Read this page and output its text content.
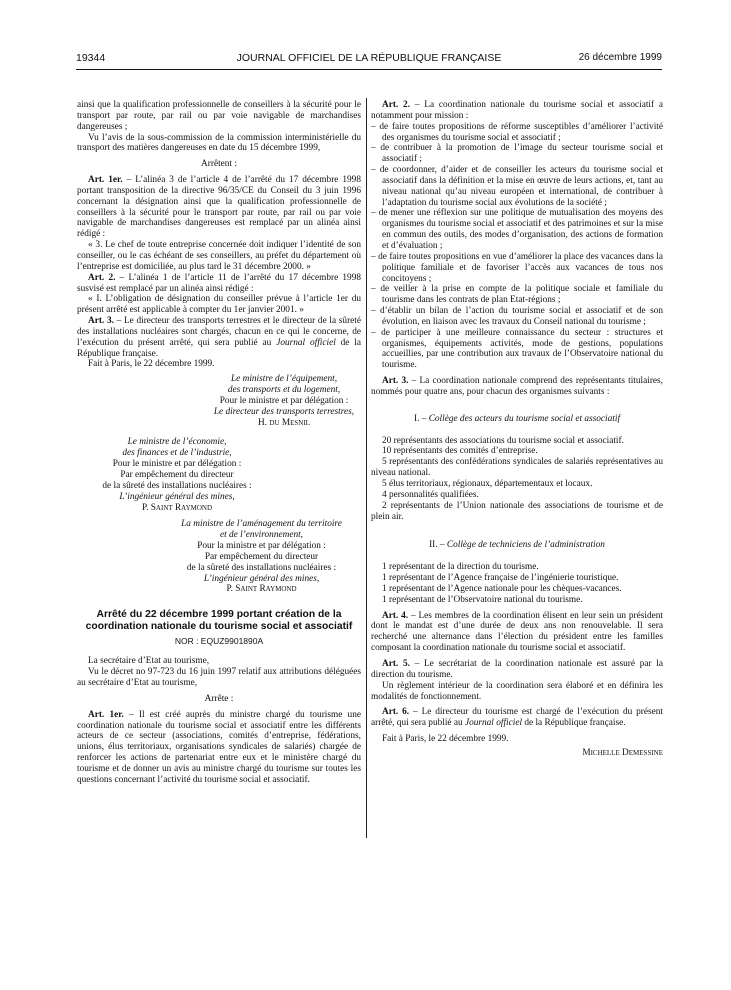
19344	JOURNAL OFFICIEL DE LA RÉPUBLIQUE FRANÇAISE	26 décembre 1999

ainsi que la qualification professionnelle de conseillers à la sécurité pour le transport par route, par rail ou par voie navigable de marchandises dangereuses ;

Vu l’avis de la sous-commission de la commission interministérielle du transport des matières dangereuses en date du 15 décembre 1999,

Arrêtent :

Art. 1er. – L’alinéa 3 de l’article 4 de l’arrêté du 17 décembre 1998 portant transposition de la directive 96/35/CE du Conseil du 3 juin 1996 concernant la désignation ainsi que la qualification professionnelle de conseillers à la sécurité pour le transport par route, par rail ou par voie navigable de marchandises dangereuses est remplacé par un alinéa ainsi rédigé :

« 3. Le chef de toute entreprise concernée doit indiquer l’identité de son conseiller, ou le cas échéant de ses conseillers, au préfet du département où l’entreprise est domiciliée, au plus tard le 31 décembre 2000. »

Art. 2. – L’alinéa 1 de l’article 11 de l’arrêté du 17 décembre 1998 susvisé est remplacé par un alinéa ainsi rédigé :

« I. L’obligation de désignation du conseiller prévue à l’article 1er du présent arrêté est applicable à compter du 1er janvier 2001. »

Art. 3. – Le directeur des transports terrestres et le directeur de la sûreté des installations nucléaires sont chargés, chacun en ce qui le concerne, de l’exécution du présent arrêté, qui sera publié au Journal officiel de la République française.

Fait à Paris, le 22 décembre 1999.

Le ministre de l’équipement,

des transports et du logement,

Pour le ministre et par délégation :

Le directeur des transports terrestres,

H. du Mesnil

Le ministre de l’économie,

des finances et de l’industrie,

Pour le ministre et par délégation :

Par empêchement du directeur

de la sûreté des installations nucléaires :

L’ingénieur général des mines,

P. Saint Raymond

La ministre de l’aménagement du territoire

et de l’environnement,

Pour la ministre et par délégation :

Par empêchement du directeur

de la sûreté des installations nucléaires :

L’ingénieur général des mines,

P. Saint Raymond

Arrêté du 22 décembre 1999 portant création de la coordination nationale du tourisme social et associatif

NOR : EQUZ9901890A

La secrétaire d’Etat au tourisme,

Vu le décret no 97-723 du 16 juin 1997 relatif aux attributions déléguées au secrétaire d’Etat au tourisme,

Arrête :

Art. 1er. – Il est créé auprès du ministre chargé du tourisme une coordination nationale du tourisme social et associatif entre les différents acteurs de ce secteur (associations, comités d’entreprise, fédérations, unions, élus territoriaux, organisations syndicales de salariés) chargée de renforcer les actions de partenariat entre eux et le ministère chargé du tourisme et de donner un avis au ministre chargé du tourisme sur toutes les questions concernant l’activité du tourisme social et associatif.

Art. 2. – La coordination nationale du tourisme social et associatif a notamment pour mission :

– de faire toutes propositions de réforme susceptibles d’améliorer l’activité des organismes du tourisme social et associatif ;

– de contribuer à la promotion de l’image du secteur tourisme social et associatif ;

– de coordonner, d’aider et de conseiller les acteurs du tourisme social et associatif dans la définition et la mise en œuvre de leurs actions, et, tant au niveau national qu’au niveau européen et international, de contribuer à l’adaptation du tourisme social aux évolutions de la société ;

– de mener une réflexion sur une politique de mutualisation des moyens des organismes du tourisme social et associatif et des patrimoines et sur la mise en commun des outils, des modes d’organisation, des actions de formation et d’évaluation ;

– de faire toutes propositions en vue d’améliorer la place des vacances dans la politique familiale et de favoriser l’accès aux vacances de tous nos concitoyens ;

– de veiller à la prise en compte de la politique sociale et familiale du tourisme dans les contrats de plan Etat-régions ;

– d’établir un bilan de l’action du tourisme social et associatif et de son évolution, en liaison avec les travaux du Conseil national du tourisme ;

– de participer à une meilleure connaissance du secteur : structures et organismes, équipements activités, mode de gestions, populations accueillies, par une contribution aux travaux de l’Observatoire national du tourisme.

Art. 3. – La coordination nationale comprend des représentants titulaires, nommés pour quatre ans, pour chacun des organismes suivants :

I. – Collège des acteurs du tourisme social et associatif

20 représentants des associations du tourisme social et associatif.

10 représentants des comités d’entreprise.

5 représentants des confédérations syndicales de salariés représentatives au niveau national.

5 élus territoriaux, régionaux, départementaux et locaux.

4 personnalités qualifiées.

2 représentants de l’Union nationale des associations de tourisme et de plein air.

II. – Collège de techniciens de l’administration

1 représentant de la direction du tourisme.

1 représentant de l’Agence française de l’ingénierie touristique.

1 représentant de l’Agence nationale pour les chèques-vacances.

1 représentant de l’Observatoire national du tourisme.

Art. 4. – Les membres de la coordination élisent en leur sein un président dont le mandat est d’une durée de deux ans non renouvelable. Il sera recherché une alternance dans l’élection du président entre les familles composant la coordination nationale du tourisme social et associatif.

Art. 5. – Le secrétariat de la coordination nationale est assuré par la direction du tourisme.

Un règlement intérieur de la coordination sera élaboré et en définira les modalités de fonctionnement.

Art. 6. – Le directeur du tourisme est chargé de l’exécution du présent arrêté, qui sera publié au Journal officiel de la République française.

Fait à Paris, le 22 décembre 1999.

Michelle Demessine
